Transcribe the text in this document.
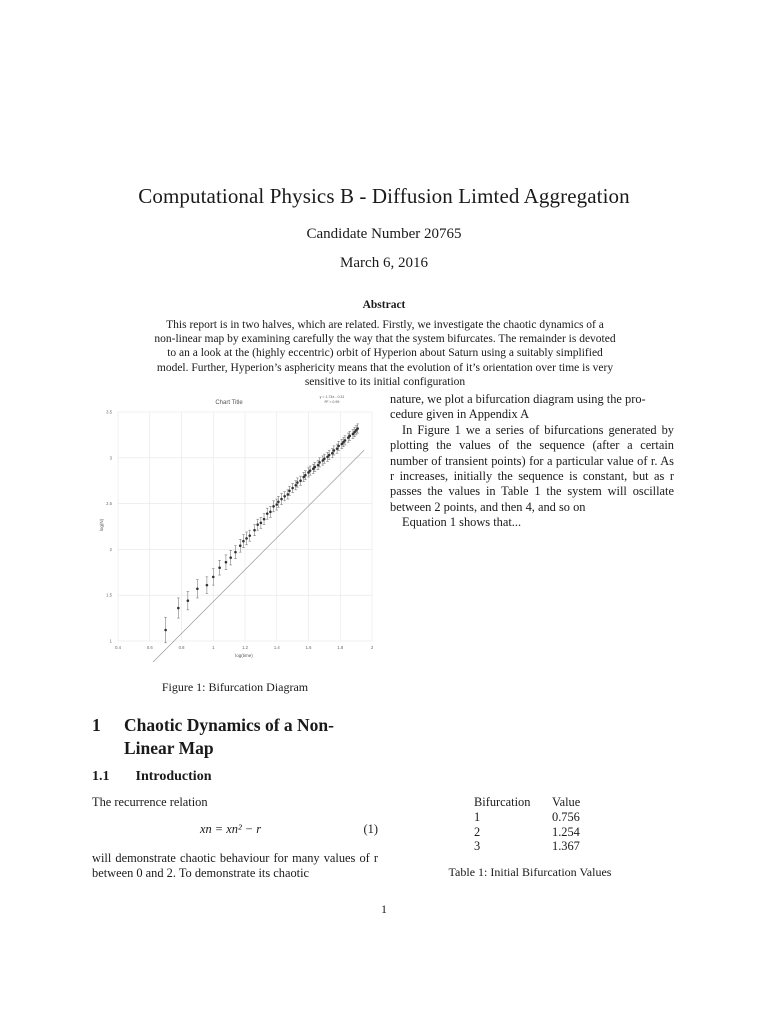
Computational Physics B - Diffusion Limted Aggregation
Candidate Number 20765
March 6, 2016
Abstract

This report is in two halves, which are related. Firstly, we investigate the chaotic dynamics of a

non-linear map by examining carefully the way that the system bifurcates. The remainder is devoted

to an a look at the (highly eccentric) orbit of Hyperion about Saturn using a suitably simplified

model. Further, Hyperion’s asphericity means that the evolution of it’s orientation over time is very

sensitive to its initial configuration

Chart Title
y = 1.74x - 0.31
R² = 0.99
log(N)
log(time)
0.4	0.6	0.8	1	1.2	1.4	1.6	1.8	2
1
1.5
2
2.5
3
3.5
Figure 1: Bifurcation Diagram

nature, we plot a bifurcation diagram using the pro-

cedure given in Appendix A

In Figure 1 we a series of bifurcations generated by plotting the values of the sequence (after a certain number of transient points) for a particular value of r. As r increases, initially the sequence is constant, but as r passes the values in Table 1 the system will oscillate between 2 points, and then 4, and so on

Equation 1 shows that...

1 Chaotic Dynamics of a Non-Linear Map
1.1 Introduction
The recurrence relation
xn = xn² − r	(1)

will demonstrate chaotic behaviour for many values of r between 0 and 2. To demonstrate its chaotic

Bifurcation	Value
1	0.756
2	1.254
3	1.367
Table 1: Initial Bifurcation Values
1
